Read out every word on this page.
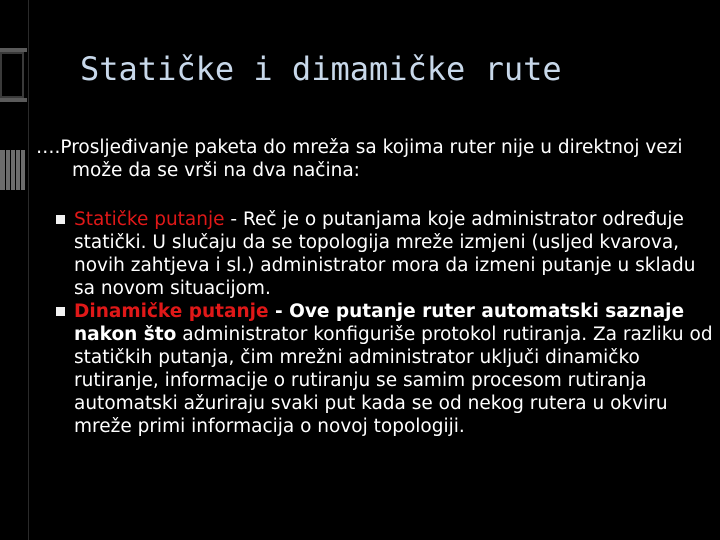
Statičke i dimamičke rute
….Prosljeđivanje paketa do mreža sa kojima ruter nije u direktnoj vezi može da se vrši na dva načina:
Statičke putanje - Reč je o putanjama koje administrator određuje statički. U slučaju da se topologija mreže izmjeni (usljed kvarova, novih zahtjeva i sl.) administrator mora da izmeni putanje u skladu sa novom situacijom.
Dinamičke putanje - Ove putanje ruter automatski saznaje nakon što administrator konfiguriše protokol rutiranja. Za razliku od statičkih putanja, čim mrežni administrator uključi dinamičko rutiranje, informacije o rutiranju se samim procesom rutiranja automatski ažuriraju svaki put kada se od nekog rutera u okviru mreže primi informacija o novoj topologiji.
